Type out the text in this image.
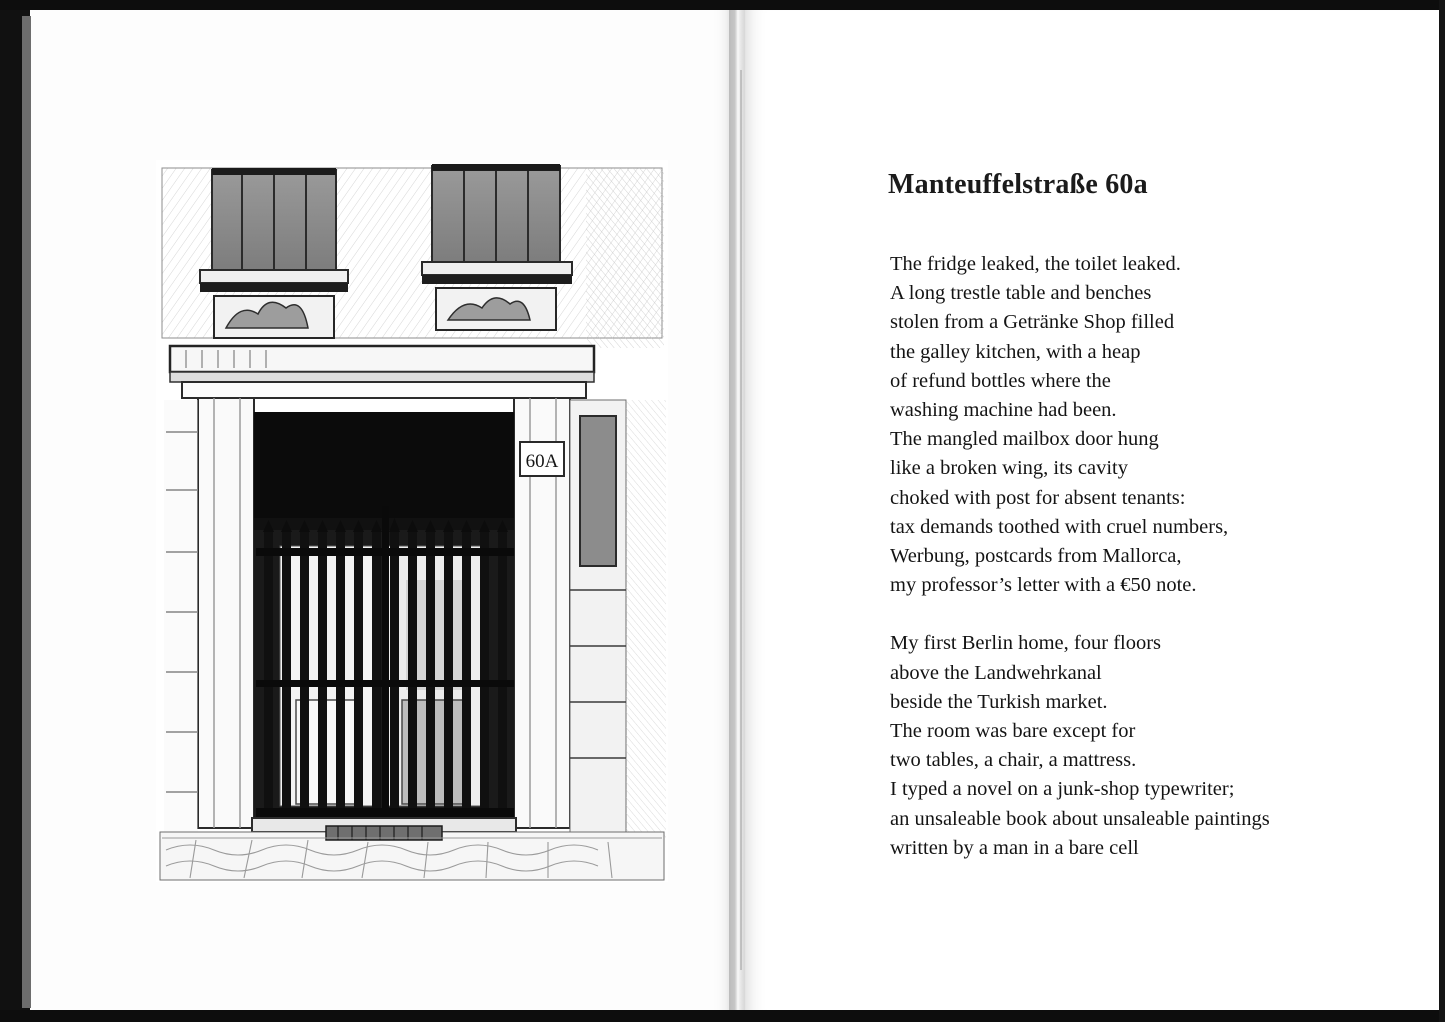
60A
Manteuffelstraße 60a

The fridge leaked, the toilet leaked.
A long trestle table and benches
stolen from a Getränke Shop filled
the galley kitchen, with a heap
of refund bottles where the
washing machine had been.
The mangled mailbox door hung
like a broken wing, its cavity
choked with post for absent tenants:
tax demands toothed with cruel numbers,
Werbung, postcards from Mallorca,
my professor’s letter with a €50 note.

My first Berlin home, four floors
above the Landwehrkanal
beside the Turkish market.
The room was bare except for
two tables, a chair, a mattress.
I typed a novel on a junk-shop typewriter;
an unsaleable book about unsaleable paintings
written by a man in a bare cell
